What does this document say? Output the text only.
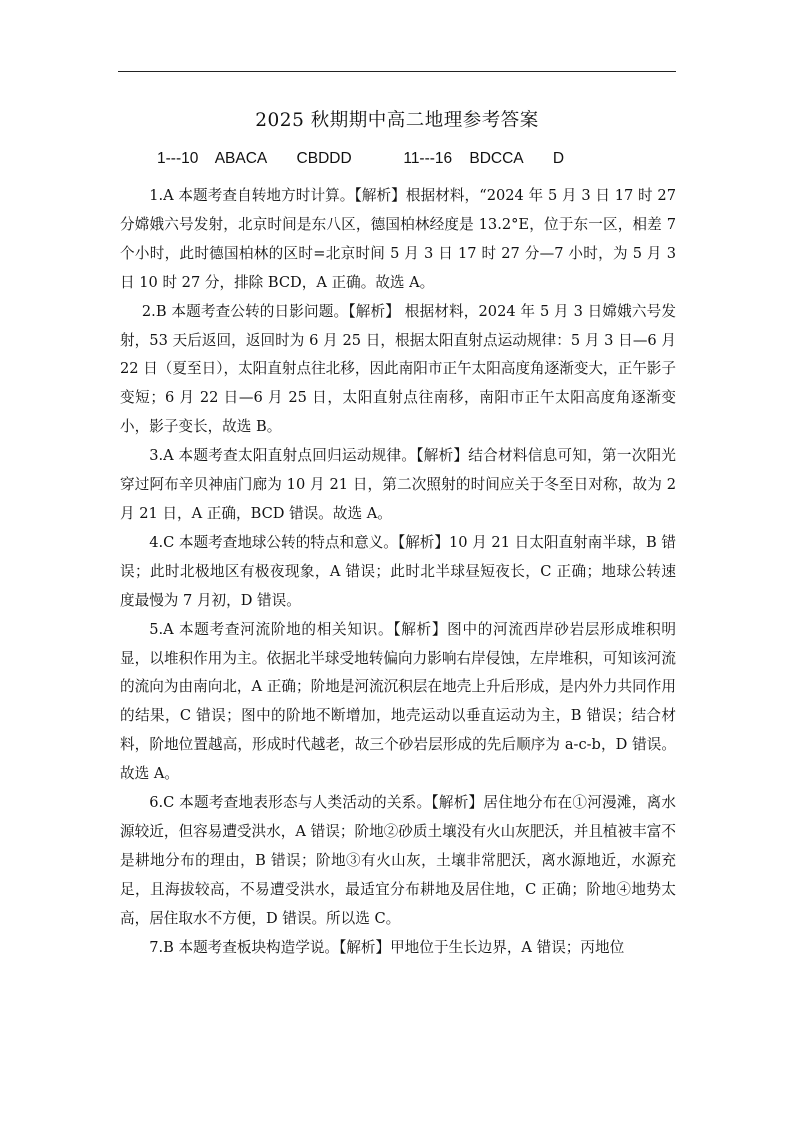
2025 秋期期中高二地理参考答案
1---10    ABACA       CBDDD            11---16    BDCCA       D

1.A 本题考查自转地方时计算。【解析】根据材料，“2024 年 5 月 3 日 17 时 27 分嫦娥六号发射，北京时间是东八区，德国柏林经度是 13.2°E，位于东一区，相差 7 个小时，此时德国柏林的区时=北京时间 5 月 3 日 17 时 27 分—7 小时，为 5 月 3 日 10 时 27 分，排除 BCD，A 正确。故选 A。

2.B 本题考查公转的日影问题。【解析】 根据材料，2024 年 5 月 3 日嫦娥六号发射，53 天后返回，返回时为 6 月 25 日，根据太阳直射点运动规律：5 月 3 日—6 月 22 日（夏至日），太阳直射点往北移，因此南阳市正午太阳高度角逐渐变大，正午影子变短；6 月 22 日—6 月 25 日，太阳直射点往南移，南阳市正午太阳高度角逐渐变小，影子变长，故选 B。

3.A 本题考查太阳直射点回归运动规律。【解析】结合材料信息可知，第一次阳光穿过阿布辛贝神庙门廊为 10 月 21 日，第二次照射的时间应关于冬至日对称，故为 2 月 21 日，A 正确，BCD 错误。故选 A。

4.C 本题考查地球公转的特点和意义。【解析】10 月 21 日太阳直射南半球，B 错误；此时北极地区有极夜现象，A 错误；此时北半球昼短夜长，C 正确；地球公转速度最慢为 7 月初，D 错误。

5.A 本题考查河流阶地的相关知识。【解析】图中的河流西岸砂岩层形成堆积明显，以堆积作用为主。依据北半球受地转偏向力影响右岸侵蚀，左岸堆积，可知该河流的流向为由南向北，A 正确；阶地是河流沉积层在地壳上升后形成，是内外力共同作用的结果，C 错误；图中的阶地不断增加，地壳运动以垂直运动为主，B 错误；结合材料，阶地位置越高，形成时代越老，故三个砂岩层形成的先后顺序为 a-c-b，D 错误。故选 A。

6.C 本题考查地表形态与人类活动的关系。【解析】居住地分布在①河漫滩，离水源较近，但容易遭受洪水，A 错误；阶地②砂质土壤没有火山灰肥沃，并且植被丰富不是耕地分布的理由，B 错误；阶地③有火山灰，土壤非常肥沃，离水源地近，水源充足，且海拔较高，不易遭受洪水，最适宜分布耕地及居住地，C 正确；阶地④地势太高，居住取水不方便，D 错误。所以选 C。

7.B 本题考查板块构造学说。【解析】甲地位于生长边界，A 错误；丙地位
